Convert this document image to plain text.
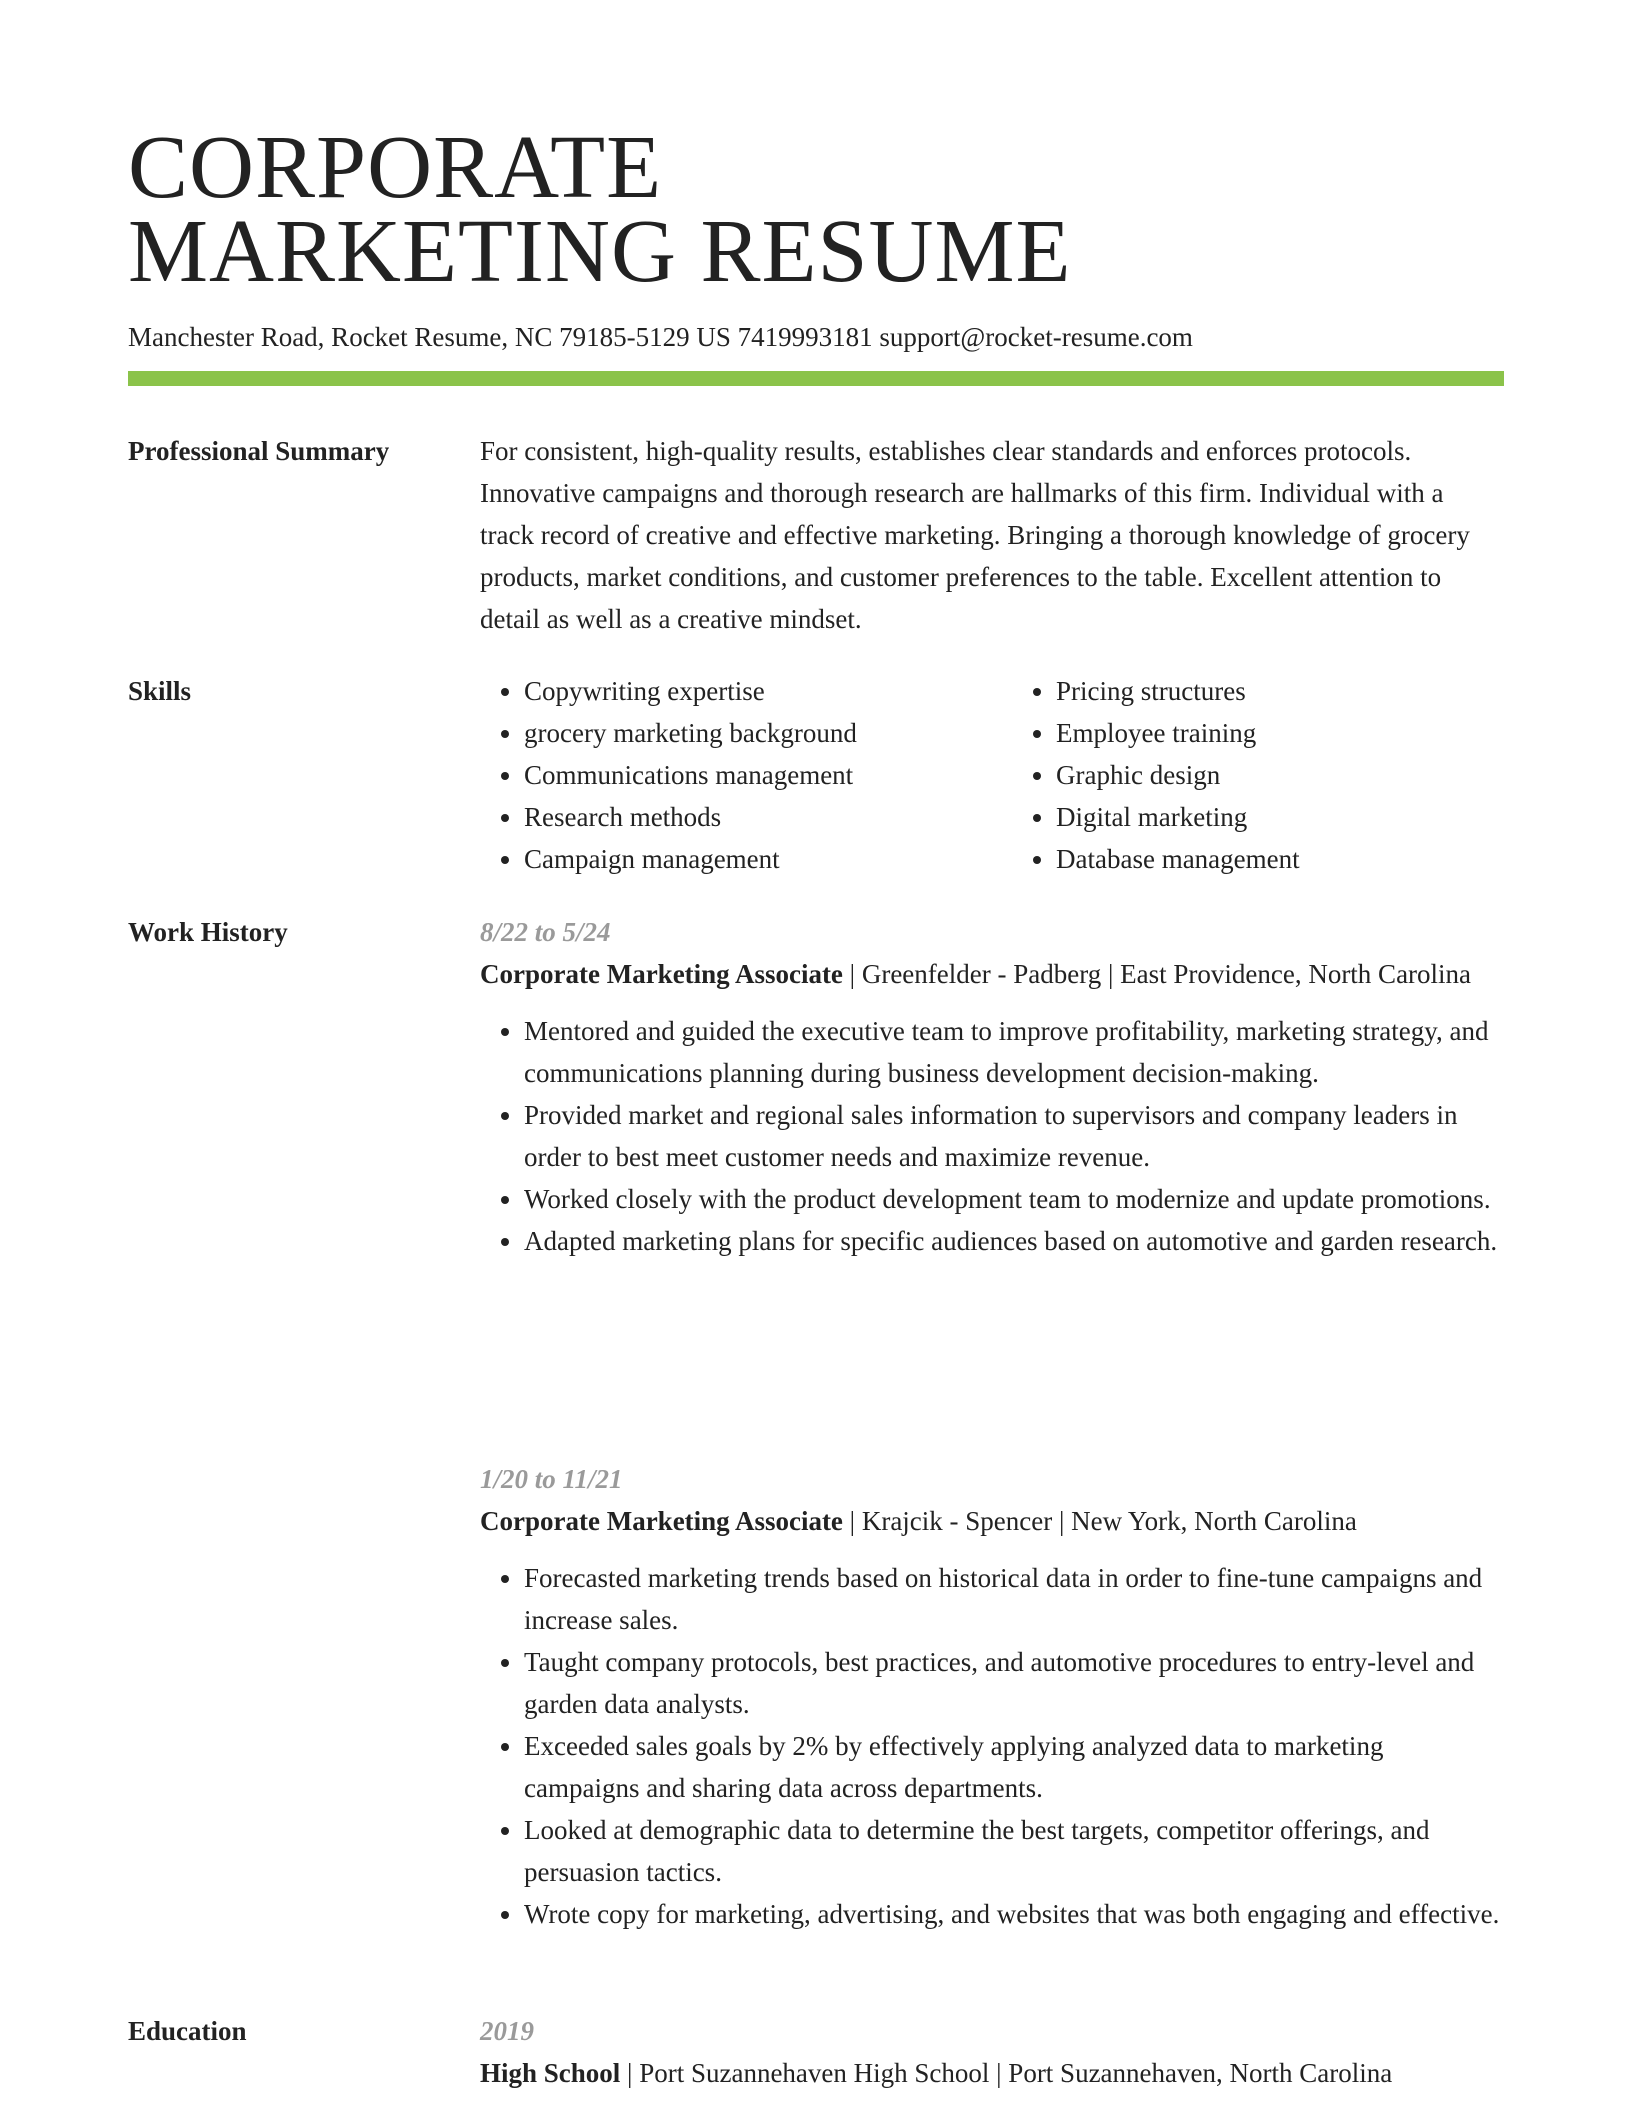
CORPORATE
MARKETING RESUME
Manchester Road, Rocket Resume, NC 79185-5129 US 7419993181 support@rocket-resume.com
Professional Summary	For consistent, high-quality results, establishes clear standards and enforces protocols. Innovative campaigns and thorough research are hallmarks of this firm. Individual with a track record of creative and effective marketing. Bringing a thorough knowledge of grocery products, market conditions, and customer preferences to the table. Excellent attention to detail as well as a creative mindset.

Skills
•	Copywriting expertise
• grocery marketing background
• Communications management
• Research methods
• Campaign management
• Pricing structures
• Employee training
• Graphic design
• Digital marketing
• Database management
Work History	8/22 to 5/24
Corporate Marketing Associate | Greenfelder - Padberg | East Providence, North Carolina
• Mentored and guided the executive team to improve profitability, marketing strategy, and communications planning during business development decision-making.
• Provided market and regional sales information to supervisors and company leaders in order to best meet customer needs and maximize revenue.
• Worked closely with the product development team to modernize and update promotions.
• Adapted marketing plans for specific audiences based on automotive and garden research.
1/20 to 11/21
Corporate Marketing Associate | Krajcik - Spencer | New York, North Carolina
• Forecasted marketing trends based on historical data in order to fine-tune campaigns and increase sales.
• Taught company protocols, best practices, and automotive procedures to entry-level and garden data analysts.
• Exceeded sales goals by 2% by effectively applying analyzed data to marketing campaigns and sharing data across departments.
• Looked at demographic data to determine the best targets, competitor offerings, and persuasion tactics.
• Wrote copy for marketing, advertising, and websites that was both engaging and effective.
Education	2019
High School | Port Suzannehaven High School | Port Suzannehaven, North Carolina
